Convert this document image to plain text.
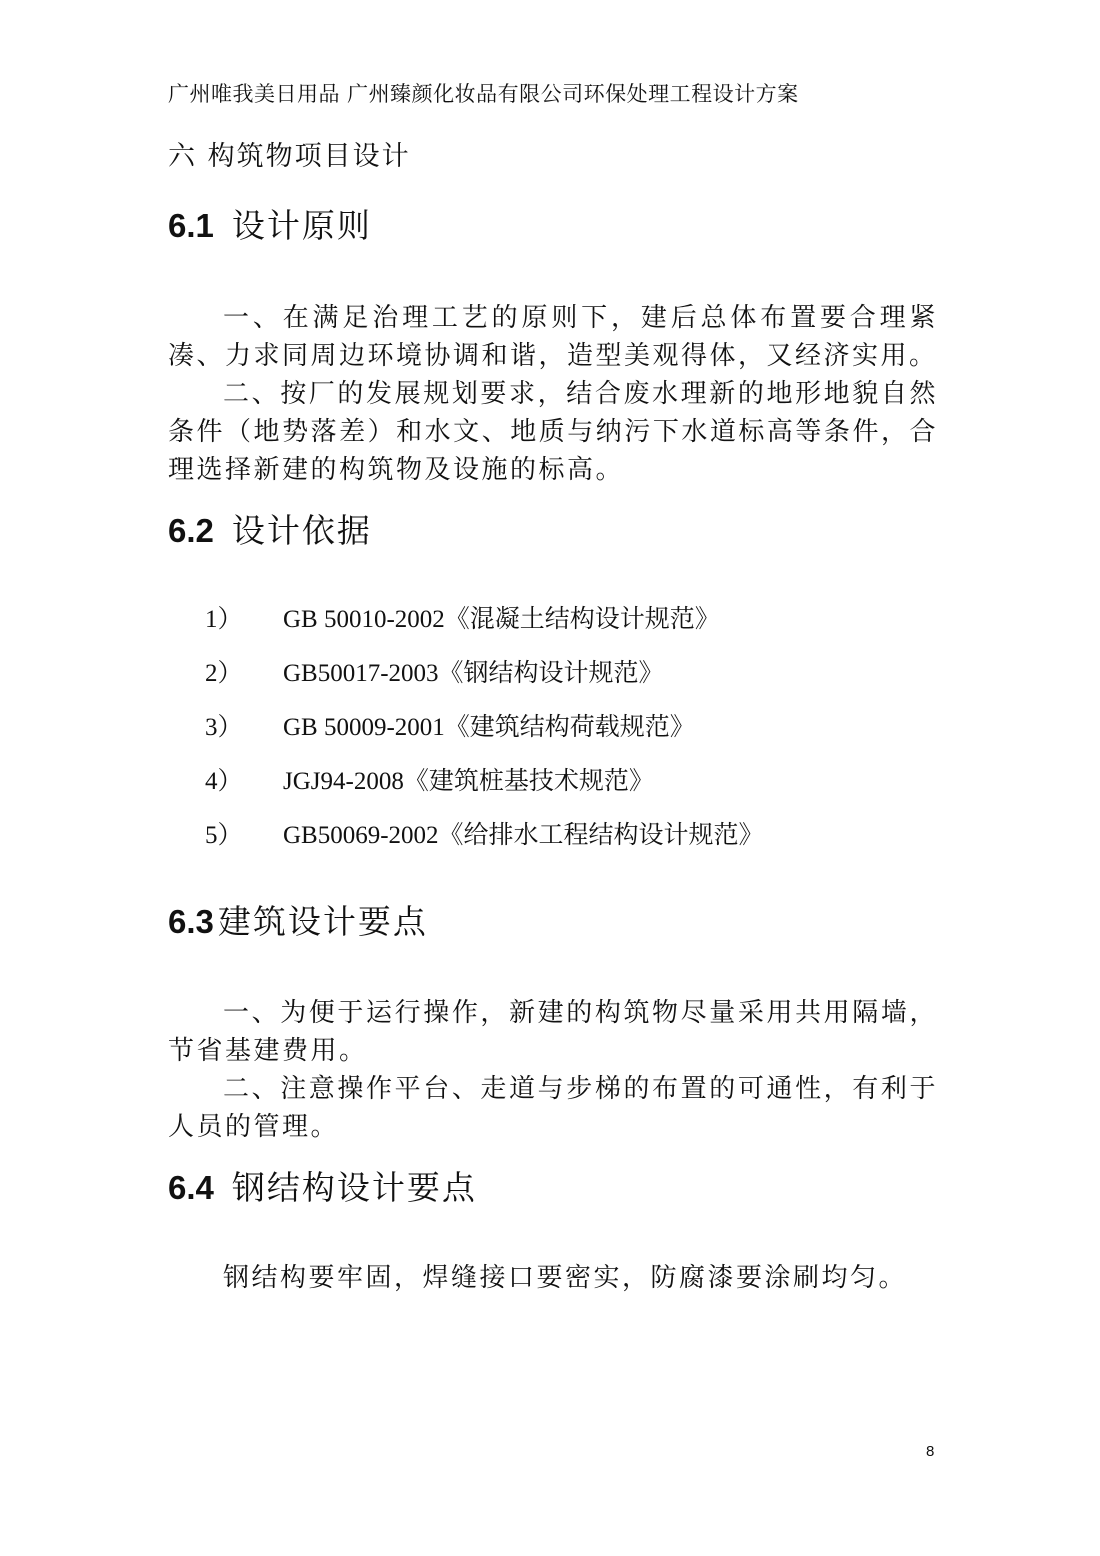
广州唯我美日用品 广州臻颜化妆品有限公司环保处理工程设计方案
六 构筑物项目设计
6.1 设计原则

一、在满足治理工艺的原则下，建后总体布置要合理紧凑、力求同周边环境协调和谐，造型美观得体，又经济实用。

二、按厂的发展规划要求，结合废水理新的地形地貌自然条件（地势落差）和水文、地质与纳污下水道标高等条件，合理选择新建的构筑物及设施的标高。

6.2 设计依据
1） GB 50010-2002《混凝土结构设计规范》
2） GB50017-2003《钢结构设计规范》
3） GB 50009-2001《建筑结构荷载规范》
4） JGJ94-2008《建筑桩基技术规范》
5） GB50069-2002《给排水工程结构设计规范》
6.3 建筑设计要点

一、为便于运行操作，新建的构筑物尽量采用共用隔墙，节省基建费用。

二、注意操作平台、走道与步梯的布置的可通性，有利于人员的管理。

6.4 钢结构设计要点

钢结构要牢固，焊缝接口要密实，防腐漆要涂刷均匀。

8
